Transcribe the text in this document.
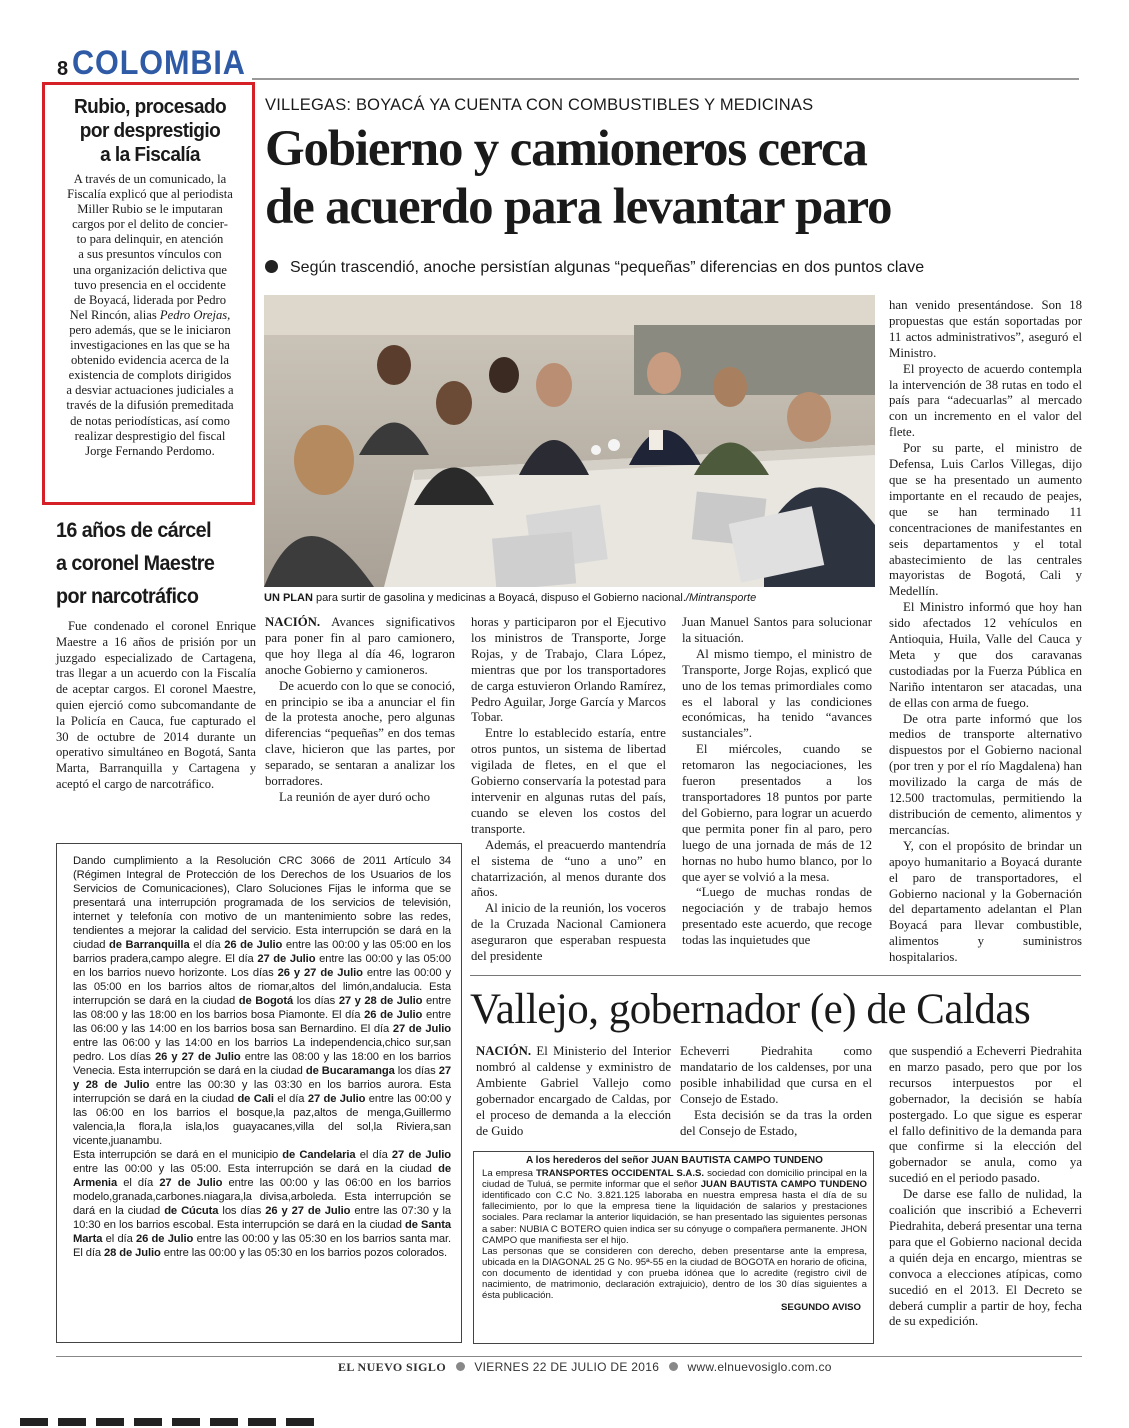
8 COLOMBIA
Rubio, procesado
por desprestigio
a la Fiscalía

A través de un comunicado, la
Fiscalía explicó que al periodista
Miller Rubio se le imputaran
cargos por el delito de concier-
to para delinquir, en atención
a sus presuntos vínculos con
una organización delictiva que
tuvo presencia en el occidente
de Boyacá, liderada por Pedro
Nel Rincón, alias Pedro Orejas,
pero además, que se le iniciaron
investigaciones en las que se ha
obtenido evidencia acerca de la
existencia de complots dirigidos
a desviar actuaciones judiciales a
través de la difusión premeditada
de notas periodísticas, así como
realizar desprestigio del fiscal
Jorge Fernando Perdomo.

16 años de cárcel
a coronel Maestre
por narcotráfico

Fue condenado el coronel Enrique Maestre a 16 años de prisión por un juzgado especializado de Cartagena, tras llegar a un acuerdo con la Fiscalía de aceptar cargos. El coronel Maestre, quien ejerció como subcomandante de la Policía en Cauca, fue capturado el 30 de octubre de 2014 durante un operativo simultáneo en Bogotá, Santa Marta, Barranquilla y Cartagena y aceptó el cargo de narcotráfico.

VILLEGAS: BOYACÁ YA CUENTA CON COMBUSTIBLES Y MEDICINAS
Gobierno y camioneros cerca
de acuerdo para levantar paro
Según trascendió, anoche persistían algunas “pequeñas” diferencias en dos puntos clave
UN PLAN para surtir de gasolina y medicinas a Boyacá, dispuso el Gobierno nacional./Mintransporte

NACIÓN. Avances significativos para poner fin al paro camionero, que hoy llega al día 46, lograron anoche Gobierno y camioneros.

De acuerdo con lo que se conoció, en principio se iba a anunciar el fin de la protesta anoche, pero algunas diferencias “pequeñas” en dos temas clave, hicieron que las partes, por separado, se sentaran a analizar los borradores.

La reunión de ayer duró ocho

horas y participaron por el Ejecutivo los ministros de Transporte, Jorge Rojas, y de Trabajo, Clara López, mientras que por los transportadores de carga estuvieron Orlando Ramírez, Pedro Aguilar, Jorge García y Marcos Tobar.

Entre lo establecido estaría, entre otros puntos, un sistema de libertad vigilada de fletes, en el que el Gobierno conservaría la potestad para intervenir en algunas rutas del país, cuando se eleven los costos del transporte.

Además, el preacuerdo mantendría el sistema de “uno a uno” en chatarrización, al menos durante dos años.

Al inicio de la reunión, los voceros de la Cruzada Nacional Camionera aseguraron que esperaban respuesta del presidente

Juan Manuel Santos para solucionar la situación.

Al mismo tiempo, el ministro de Transporte, Jorge Rojas, explicó que uno de los temas primordiales como es el laboral y las condiciones económicas, ha tenido “avances sustanciales”.

El miércoles, cuando se retomaron las negociaciones, les fueron presentados a los transportadores 18 puntos por parte del Gobierno, para lograr un acuerdo que permita poner fin al paro, pero luego de una jornada de más de 12 hornas no hubo humo blanco, por lo que ayer se volvió a la mesa.

“Luego de muchas rondas de negociación y de trabajo hemos presentado este acuerdo, que recoge todas las inquietudes que

han venido presentándose. Son 18 propuestas que están soportadas por 11 actos administrativos”, aseguró el Ministro.

El proyecto de acuerdo contempla la intervención de 38 rutas en todo el país para “adecuarlas” al mercado con un incremento en el valor del flete.

Por su parte, el ministro de Defensa, Luis Carlos Villegas, dijo que se ha presentado un aumento importante en el recaudo de peajes, que se han terminado 11 concentraciones de manifestantes en seis departamentos y el total abastecimiento de las centrales mayoristas de Bogotá, Cali y Medellín.

El Ministro informó que hoy han sido afectados 12 vehículos en Antioquia, Huila, Valle del Cauca y Meta y que dos caravanas custodiadas por la Fuerza Pública en Nariño intentaron ser atacadas, una de ellas con arma de fuego.

De otra parte informó que los medios de transporte alternativo dispuestos por el Gobierno nacional (por tren y por el río Magdalena) han movilizado la carga de más de 12.500 tractomulas, permitiendo la distribución de cemento, alimentos y mercancías.

Y, con el propósito de brindar un apoyo humanitario a Boyacá durante el paro de transportadores, el Gobierno nacional y la Gobernación del departamento adelantan el Plan Boyacá para llevar combustible, alimentos y suministros hospitalarios.

Dando cumplimiento a la Resolución CRC 3066 de 2011 Artículo 34 (Régimen Integral de Protección de los Derechos de los Usuarios de los Servicios de Comunicaciones), Claro Soluciones Fijas le informa que se presentará una interrupción programada de los servicios de televisión, internet y telefonía con motivo de un mantenimiento sobre las redes, tendientes a mejorar la calidad del servicio. Esta interrupción se dará en la ciudad de Barranquilla el día 26 de Julio entre las 00:00 y las 05:00 en los barrios pradera,campo alegre. El día 27 de Julio entre las 00:00 y las 05:00 en los barrios nuevo horizonte. Los días 26 y 27 de Julio entre las 00:00 y las 05:00 en los barrios altos de riomar,altos del limón,andalucia. Esta interrupción se dará en la ciudad de Bogotá los días 27 y 28 de Julio entre las 08:00 y las 18:00 en los barrios bosa Piamonte. El día 26 de Julio entre las 06:00 y las 14:00 en los barrios bosa san Bernardino. El día 27 de Julio entre las 06:00 y las 14:00 en los barrios La independencia,chico sur,san pedro. Los días 26 y 27 de Julio entre las 08:00 y las 18:00 en los barrios Venecia. Esta interrupción se dará en la ciudad de Bucaramanga los días 27 y 28 de Julio entre las 00:30 y las 03:30 en los barrios aurora. Esta interrupción se dará en la ciudad de Cali el día 27 de Julio entre las 00:00 y las 06:00 en los barrios el bosque,la paz,altos de menga,Guillermo valencia,la flora,la isla,los guayacanes,villa del sol,la Riviera,san vicente,juanambu.
Esta interrupción se dará en el municipio de Candelaria el día 27 de Julio entre las 00:00 y las 05:00. Esta interrupción se dará en la ciudad de Armenia el día 27 de Julio entre las 00:00 y las 06:00 en los barrios modelo,granada,carbones.niagara,la divisa,arboleda. Esta interrupción se dará en la ciudad de Cúcuta los días 26 y 27 de Julio entre las 07:30 y la 10:30 en los barrios escobal. Esta interrupción se dará en la ciudad de Santa Marta el día 26 de Julio entre las 00:00 y las 05:30 en los barrios santa mar. El día 28 de Julio entre las 00:00 y las 05:30 en los barrios pozos colorados.
Vallejo, gobernador (e) de Caldas

NACIÓN. El Ministerio del Interior nombró al caldense y exministro de Ambiente Gabriel Vallejo como gobernador encargado de Caldas, por el proceso de demanda a la elección de Guido

Echeverri Piedrahita como mandatario de los caldenses, por una posible inhabilidad que cursa en el Consejo de Estado.

Esta decisión se da tras la orden del Consejo de Estado,

que suspendió a Echeverri Piedrahita en marzo pasado, pero que por los recursos interpuestos por el gobernador, la decisión se había postergado. Lo que sigue es esperar el fallo definitivo de la demanda para que confirme si la elección del gobernador se anula, como ya sucedió en el periodo pasado.

De darse ese fallo de nulidad, la coalición que inscribió a Echeverri Piedrahita, deberá presentar una terna para que el Gobierno nacional decida a quién deja en encargo, mientras se convoca a elecciones atípicas, como sucedió en el 2013. El Decreto se deberá cumplir a partir de hoy, fecha de su expedición.

A los herederos del señor JUAN BAUTISTA CAMPO TUNDENO

La empresa TRANSPORTES OCCIDENTAL S.A.S. sociedad con domicilio principal en la ciudad de Tuluá, se permite informar que el señor JUAN BAUTISTA CAMPO TUNDENO identificado con C.C No. 3.821.125 laboraba en nuestra empresa hasta el día de su fallecimiento, por lo que la empresa tiene la liquidación de salarios y prestaciones sociales. Para reclamar la anterior liquidación, se han presentado las siguientes personas a saber: NUBIA C BOTERO quien indica ser su cónyuge o compañera permanente. JHON CAMPO que manifiesta ser el hijo.
Las personas que se consideren con derecho, deben presentarse ante la empresa, ubicada en la DIAGONAL 25 G No. 95ª-55 en la ciudad de BOGOTA en horario de oficina, con documento de identidad y con prueba idónea que lo acredite (registro civil de nacimiento, de matrimonio, declaración extrajuicio), dentro de los 30 días siguientes a ésta publicación.

SEGUNDO AVISO
EL NUEVO SIGLO VIERNES 22 DE JULIO DE 2016 www.elnuevosiglo.com.co
